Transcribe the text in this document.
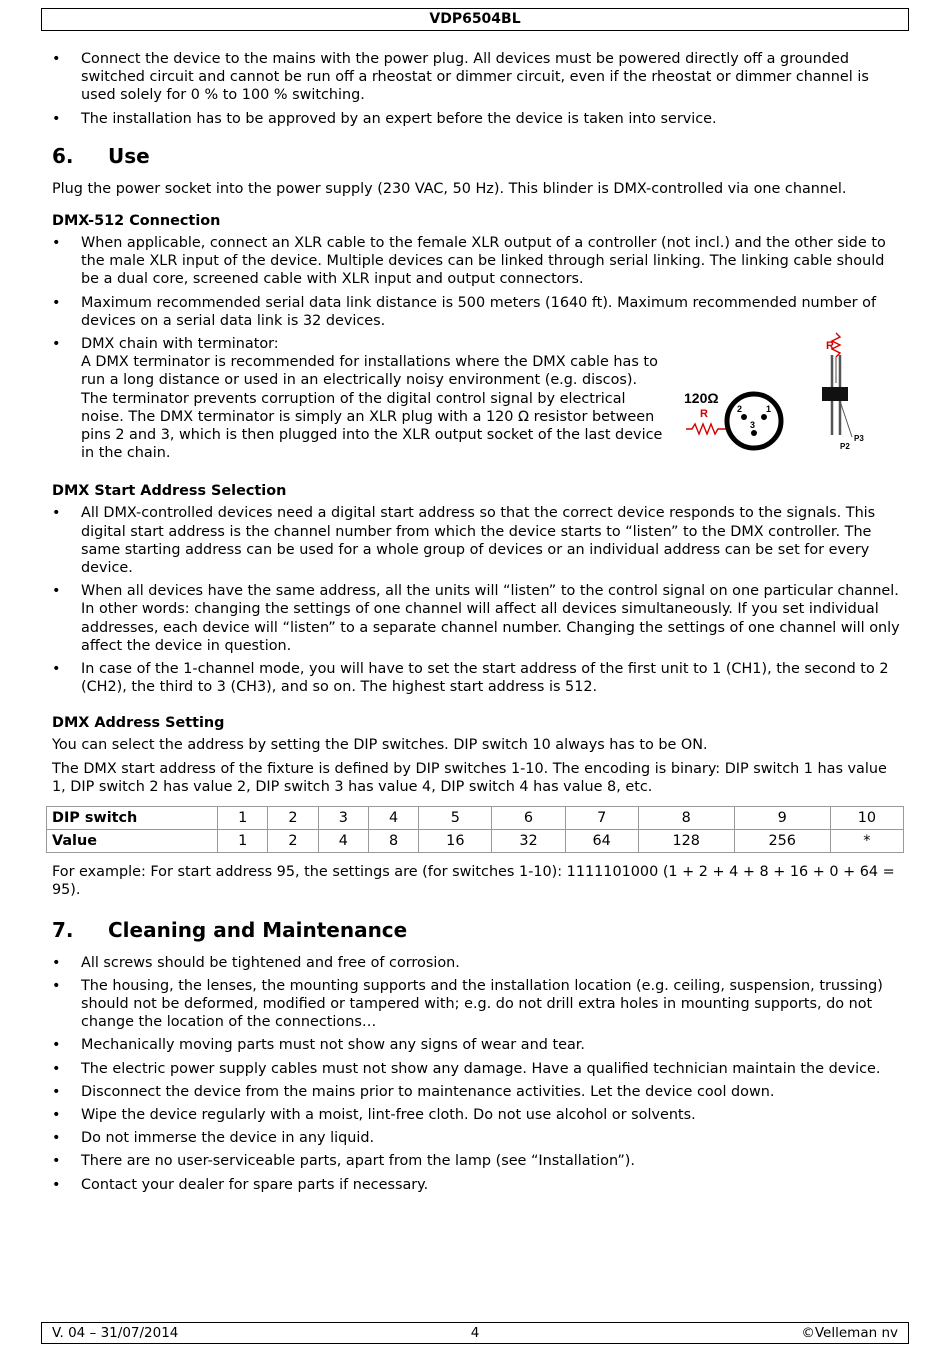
VDP6504BL
• Connect the device to the mains with the power plug. All devices must be powered directly off a grounded switched circuit and cannot be run off a rheostat or dimmer circuit, even if the rheostat or dimmer channel is used solely for 0 % to 100 % switching.
• The installation has to be approved by an expert before the device is taken into service.
6. Use

Plug the power socket into the power supply (230 VAC, 50 Hz). This blinder is DMX-controlled via one channel.

DMX-512 Connection
• When applicable, connect an XLR cable to the female XLR output of a controller (not incl.) and the other side to the male XLR input of the device. Multiple devices can be linked through serial linking. The linking cable should be a dual core, screened cable with XLR input and output connectors.
• Maximum recommended serial data link distance is 500 meters (1640 ft). Maximum recommended number of devices on a serial data link is 32 devices.
• DMX chain with terminator:
A DMX terminator is recommended for installations where the DMX cable has to run a long distance or used in an electrically noisy environment (e.g. discos). The terminator prevents corruption of the digital control signal by electrical noise. The DMX terminator is simply an XLR plug with a 120 Ω resistor between pins 2 and 3, which is then plugged into the XLR output socket of the last device in the chain.
R
P3
P2
120Ω
R	2	1
3
DMX Start Address Selection
• All DMX-controlled devices need a digital start address so that the correct device responds to the signals. This digital start address is the channel number from which the device starts to “listen” to the DMX controller. The same starting address can be used for a whole group of devices or an individual address can be set for every device.
• When all devices have the same address, all the units will “listen” to the control signal on one particular channel. In other words: changing the settings of one channel will affect all devices simultaneously. If you set individual addresses, each device will “listen” to a separate channel number. Changing the settings of one channel will only affect the device in question.
• In case of the 1-channel mode, you will have to set the start address of the first unit to 1 (CH1), the second to 2 (CH2), the third to 3 (CH3), and so on. The highest start address is 512.
DMX Address Setting

You can select the address by setting the DIP switches. DIP switch 10 always has to be ON.

The DMX start address of the fixture is defined by DIP switches 1-10. The encoding is binary: DIP switch 1 has value 1, DIP switch 2 has value 2, DIP switch 3 has value 4, DIP switch 4 has value 8, etc.

DIP switch	1	2	3	4	5	6	7	8	9	10
Value	1	2	4	8	16	32	64	128	256	*

For example: For start address 95, the settings are (for switches 1-10): 1111101000 (1 + 2 + 4 + 8 + 16 + 0 + 64 = 95).

7. Cleaning and Maintenance
• All screws should be tightened and free of corrosion.
• The housing, the lenses, the mounting supports and the installation location (e.g. ceiling, suspension, trussing) should not be deformed, modified or tampered with; e.g. do not drill extra holes in mounting supports, do not change the location of the connections…
• Mechanically moving parts must not show any signs of wear and tear.
• The electric power supply cables must not show any damage. Have a qualified technician maintain the device.
• Disconnect the device from the mains prior to maintenance activities. Let the device cool down.
• Wipe the device regularly with a moist, lint-free cloth. Do not use alcohol or solvents.
• Do not immerse the device in any liquid.
• There are no user-serviceable parts, apart from the lamp (see “Installation”).
• Contact your dealer for spare parts if necessary.
V. 04 – 31/07/2014	4	©Velleman nv
